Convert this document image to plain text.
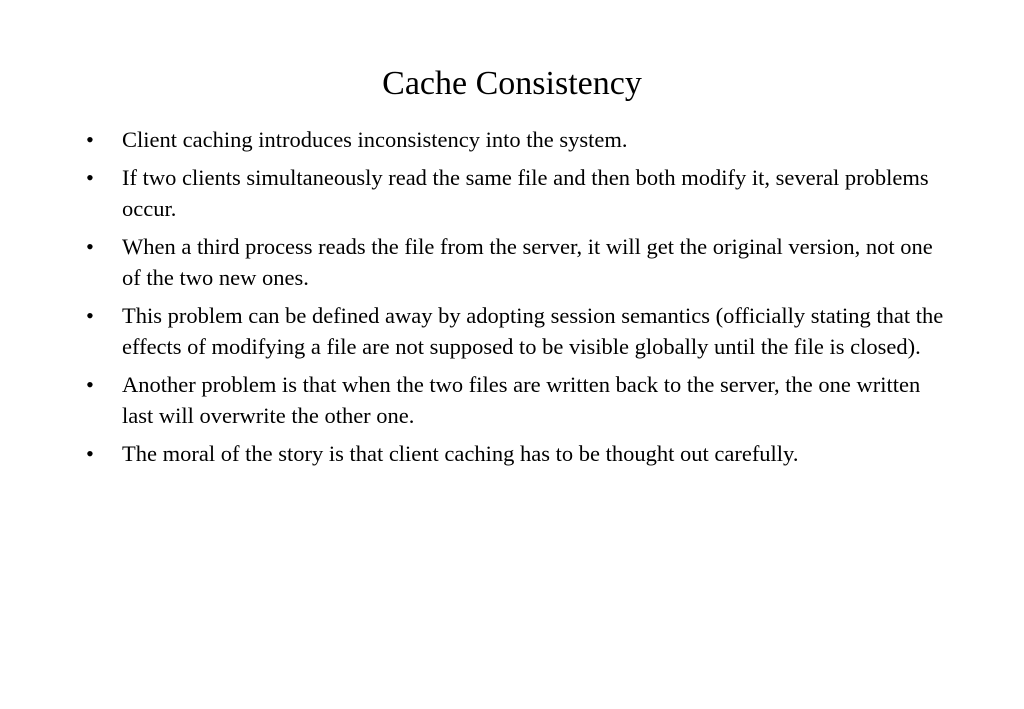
Cache Consistency
• Client caching introduces inconsistency into the system.
• If two clients simultaneously read the same file and then both modify it, several problems occur.
• When a third process reads the file from the server, it will get the original version, not one of the two new ones.
• This problem can be defined away by adopting session semantics (officially stating that the effects of modifying a file are not supposed to be visible globally until the file is closed).
• Another problem is that when the two files are written back to the server, the one written last will overwrite the other one.
• The moral of the story is that client caching has to be thought out carefully.
